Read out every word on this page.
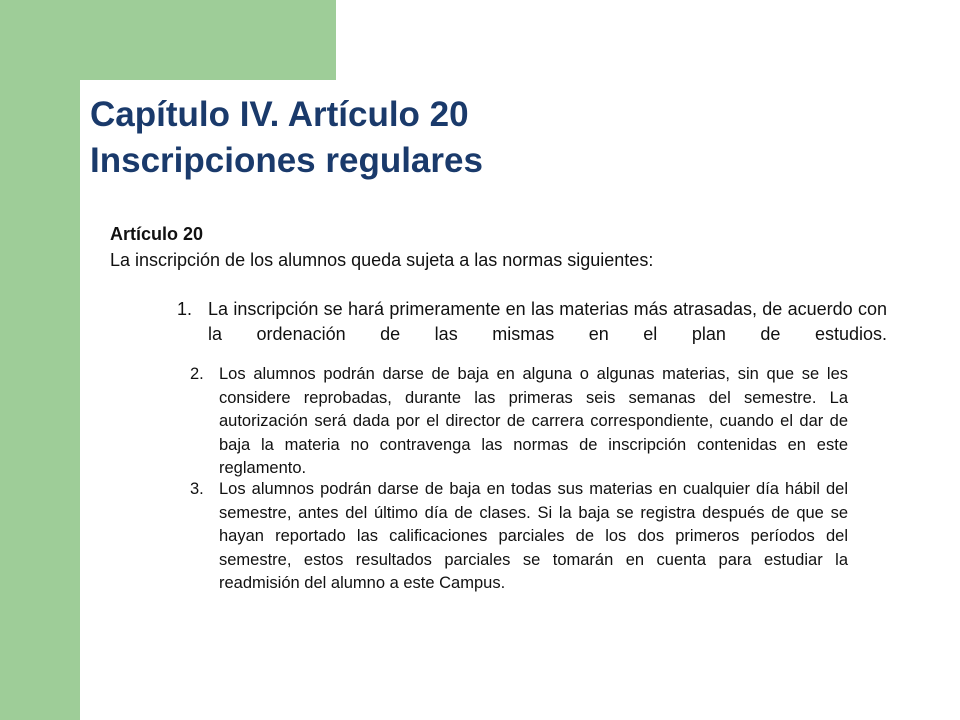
Capítulo IV. Artículo 20
Inscripciones regulares
Artículo 20
La inscripción de los alumnos queda sujeta a las normas siguientes:
1. La inscripción se hará primeramente en las materias más atrasadas, de acuerdo con la ordenación de las mismas en el plan de estudios.
2. Los alumnos podrán darse de baja en alguna o algunas materias, sin que se les considere reprobadas, durante las primeras seis semanas del semestre. La autorización será dada por el director de carrera correspondiente, cuando el dar de baja la materia no contravenga las normas de inscripción contenidas en este reglamento.
3. Los alumnos podrán darse de baja en todas sus materias en cualquier día hábil del semestre, antes del último día de clases. Si la baja se registra después de que se hayan reportado las calificaciones parciales de los dos primeros períodos del semestre, estos resultados parciales se tomarán en cuenta para estudiar la readmisión del alumno a este Campus.
